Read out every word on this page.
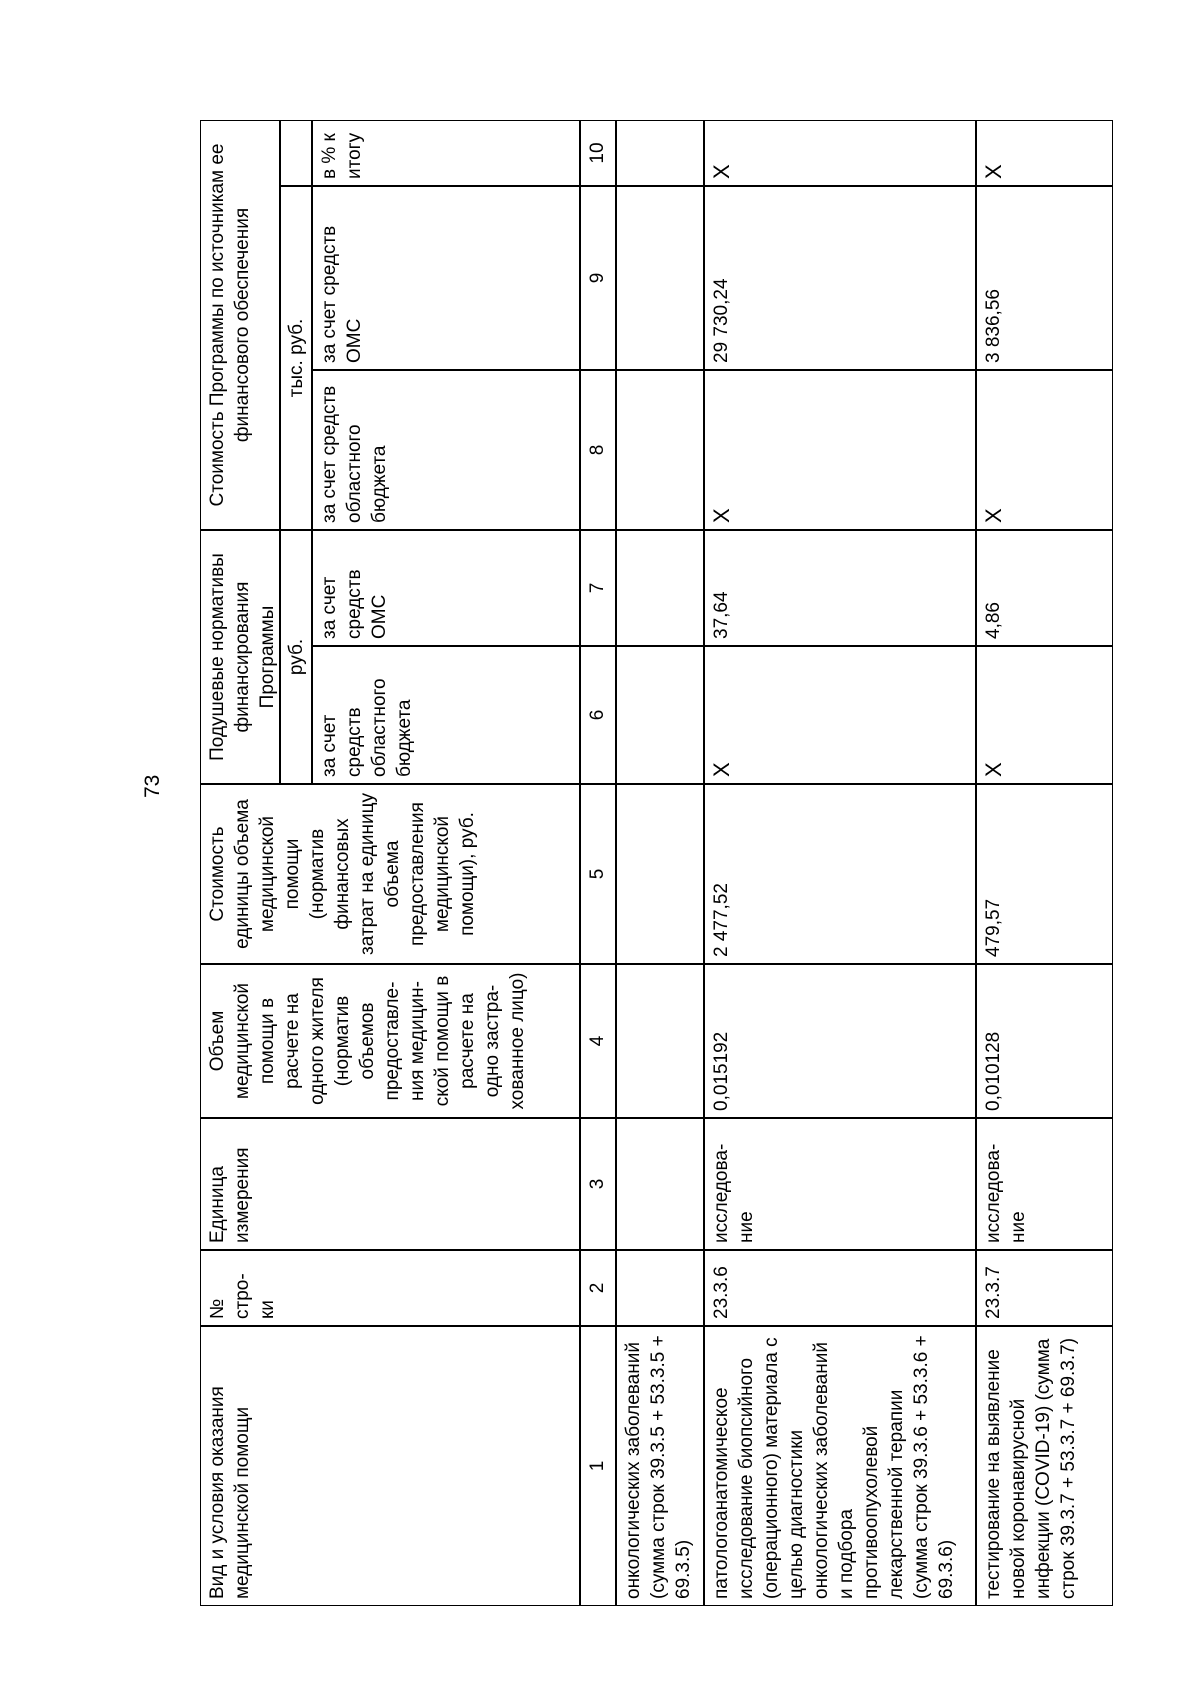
73
Вид и условия оказания медицинской помощи
№ стро-ки
Единица измерения
Объем медицинской помощи в расчете на одного жителя (норматив объемов предоставле-ния медицин-ской помощи в расчете на одно застра-хованное лицо)
Стоимость единицы объема медицинской помощи (норматив финансовых затрат на единицу объема предоставления медицинской помощи), руб.
Подушевые нормативы финансирования Программы руб.
за счет средств областного бюджета
за счет средств ОМС
Стоимость Программы по источникам ее финансового обеспечения	тыс. руб.
за счет средств областного бюджета
за счет средств ОМС
в % к итогу
1
2
3
4
5
6
7
8
9
10
онкологических заболеваний (сумма строк 39.3.5 + 53.3.5 + 69.3.5) патологоанатомическое исследование биопсийного (операционного) материала с целью диагностики онкологических заболеваний и подбора противоопухолевой лекарственной терапии (сумма строк 39.3.6 + 53.3.6 + 69.3.6)
23.3.6
исследова-ние
0,015192
2 477,52
X
37,64
X
29 730,24
X
тестирование на выявление новой коронавирусной инфекции (COVID-19) (сумма строк 39.3.7 + 53.3.7 + 69.3.7)
23.3.7
исследова-ние
0,010128
479,57
X
4,86
X
3 836,56
X
